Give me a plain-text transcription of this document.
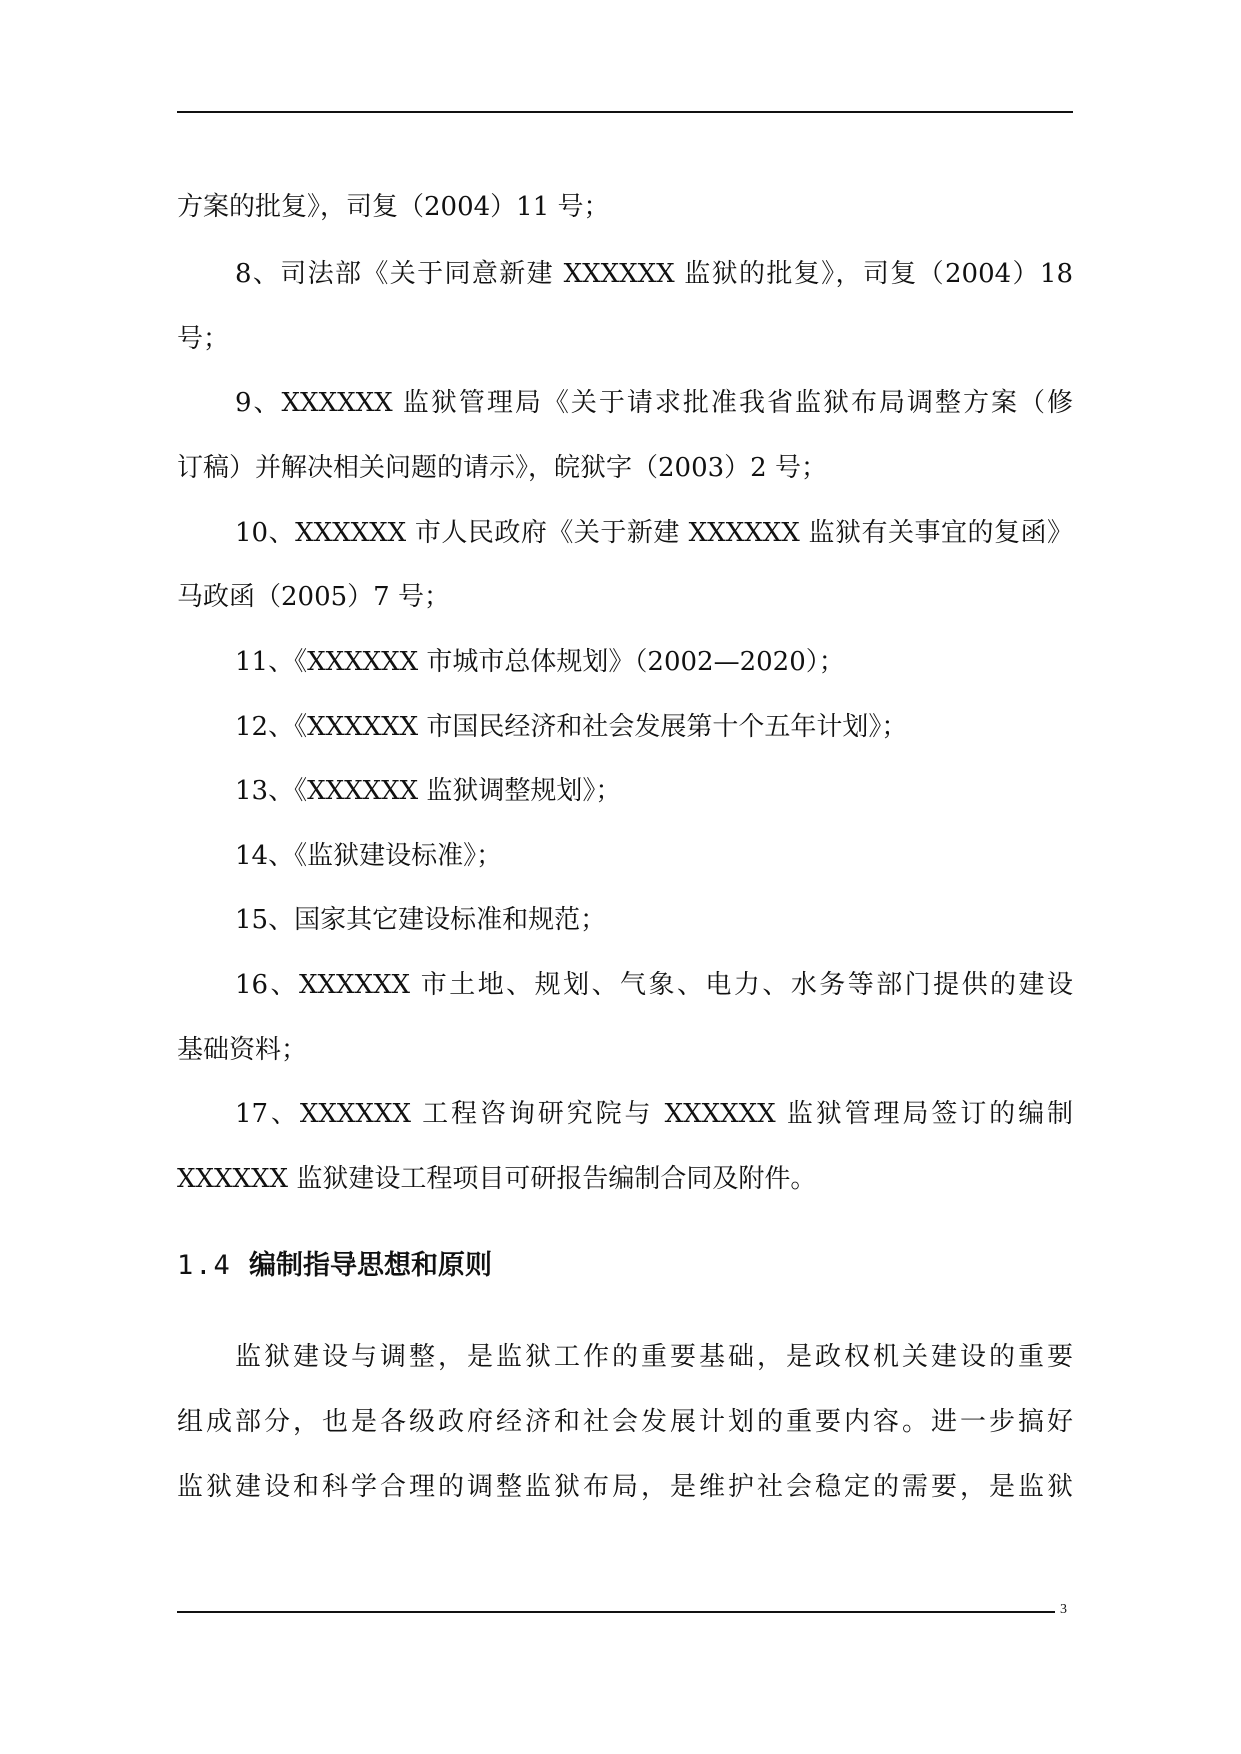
方案的批复》，司复（2004）11 号；
8、司法部《关于同意新建 XXXXXX 监狱的批复》，司复（2004）18
号；
9、XXXXXX 监狱管理局《关于请求批准我省监狱布局调整方案（修
订稿）并解决相关问题的请示》，皖狱字（2003）2 号；
10、XXXXXX 市人民政府《关于新建 XXXXXX 监狱有关事宜的复函》
马政函（2005）7 号；
11、《XXXXXX 市城市总体规划》（2002—2020）；
12、《XXXXXX 市国民经济和社会发展第十个五年计划》；
13、《XXXXXX 监狱调整规划》；
14、《监狱建设标准》；
15、国家其它建设标准和规范；
16、XXXXXX 市土地、规划、气象、电力、水务等部门提供的建设
基础资料；
17、XXXXXX 工程咨询研究院与 XXXXXX 监狱管理局签订的编制
XXXXXX 监狱建设工程项目可研报告编制合同及附件。
1.4 编制指导思想和原则
监狱建设与调整，是监狱工作的重要基础，是政权机关建设的重要
组成部分，也是各级政府经济和社会发展计划的重要内容。进一步搞好
监狱建设和科学合理的调整监狱布局，是维护社会稳定的需要，是监狱
3
